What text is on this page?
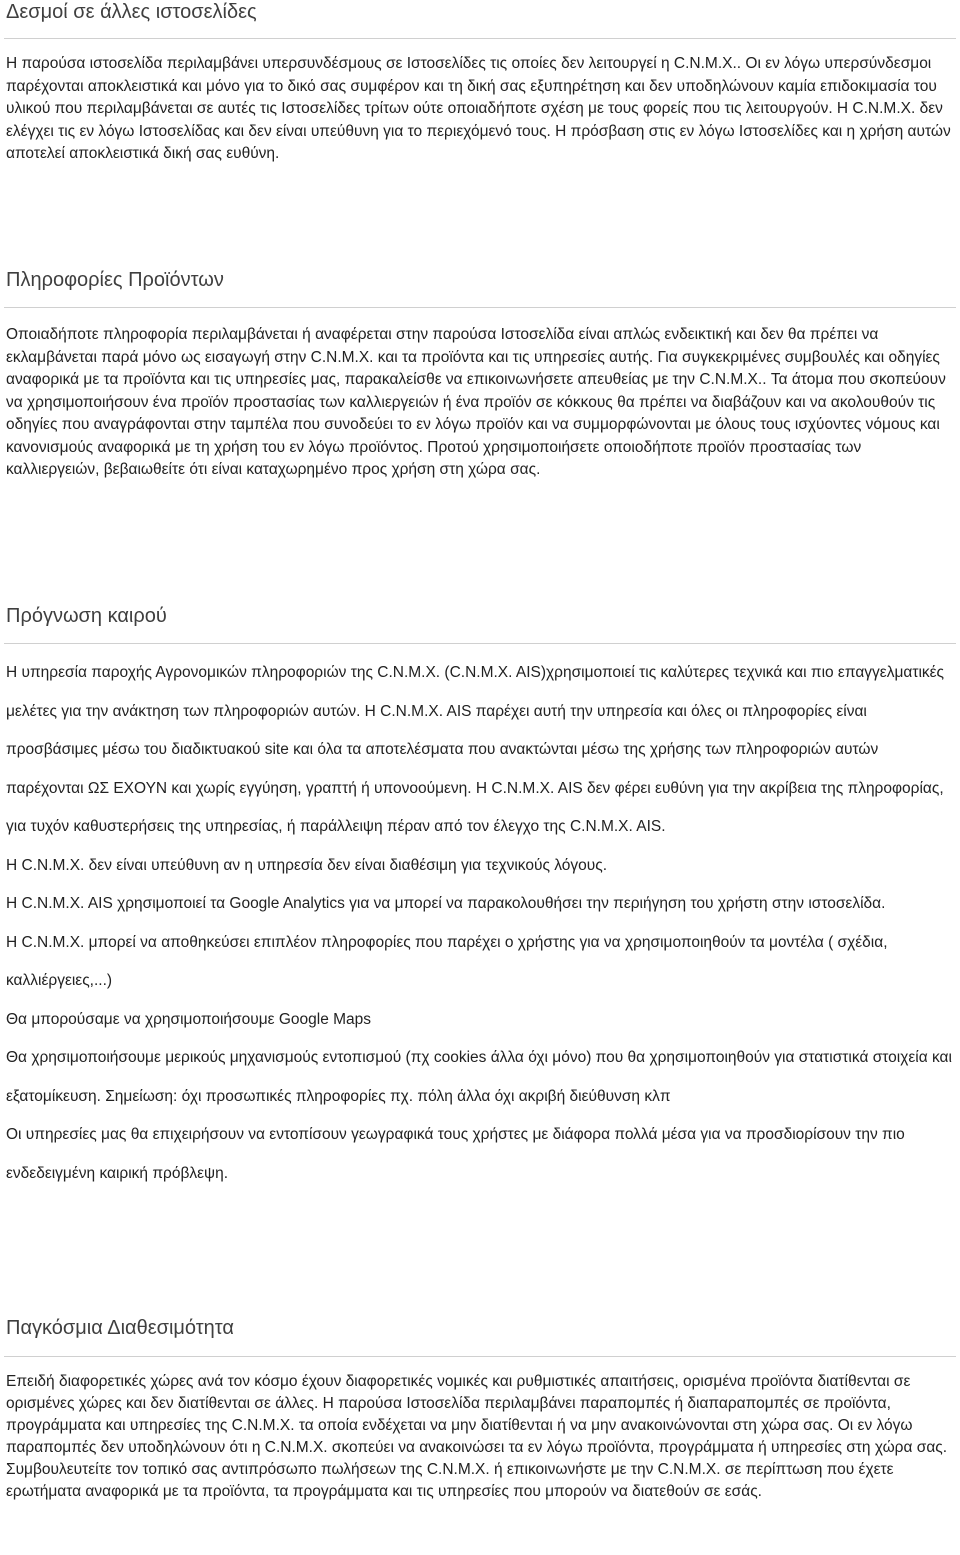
Δεσμοί σε άλλες ιστοσελίδες

Η παρούσα ιστοσελίδα περιλαμβάνει υπερσυνδέσμους σε Ιστοσελίδες τις οποίες δεν λειτουργεί η C.N.M.X.. Οι εν λόγω υπερσύνδεσμοι παρέχονται αποκλειστικά και μόνο για το δικό σας συμφέρον και τη δική σας εξυπηρέτηση και δεν υποδηλώνουν καμία επιδοκιμασία του υλικού που περιλαμβάνεται σε αυτές τις Ιστοσελίδες τρίτων ούτε οποιαδήποτε σχέση με τους φορείς που τις λειτουργούν. Η C.N.M.X. δεν ελέγχει τις εν λόγω Ιστοσελίδας και δεν είναι υπεύθυνη για το περιεχόμενό τους. Η πρόσβαση στις εν λόγω Ιστοσελίδες και η χρήση αυτών αποτελεί αποκλειστικά δική σας ευθύνη.

Πληροφορίες Προϊόντων

Οποιαδήποτε πληροφορία περιλαμβάνεται ή αναφέρεται στην παρούσα Ιστοσελίδα είναι απλώς ενδεικτική και δεν θα πρέπει να εκλαμβάνεται παρά μόνο ως εισαγωγή στην C.N.M.X. και τα προϊόντα και τις υπηρεσίες αυτής. Για συγκεκριμένες συμβουλές και οδηγίες αναφορικά με τα προϊόντα και τις υπηρεσίες μας, παρακαλείσθε να επικοινωνήσετε απευθείας με την C.N.M.X.. Τα άτομα που σκοπεύουν να χρησιμοποιήσουν ένα προϊόν προστασίας των καλλιεργειών ή ένα προϊόν σε κόκκους θα πρέπει να διαβάζουν και να ακολουθούν τις οδηγίες που αναγράφονται στην ταμπέλα που συνοδεύει το εν λόγω προϊόν και να συμμορφώνονται με όλους τους ισχύοντες νόμους και κανονισμούς αναφορικά με τη χρήση του εν λόγω προϊόντος. Προτού χρησιμοποιήσετε οποιοδήποτε προϊόν προστασίας των καλλιεργειών, βεβαιωθείτε ότι είναι καταχωρημένο προς χρήση στη χώρα σας.

Πρόγνωση καιρού

Η υπηρεσία παροχής Αγρονομικών πληροφοριών της C.N.M.X. (C.N.M.X. AIS)χρησιμοποιεί τις καλύτερες τεχνικά και πιο επαγγελματικές μελέτες για την ανάκτηση των πληροφοριών αυτών. Η C.N.M.X. AIS παρέχει αυτή την υπηρεσία και όλες οι πληροφορίες είναι προσβάσιμες μέσω του διαδικτυακού site και όλα τα αποτελέσματα που ανακτώνται μέσω της χρήσης των πληροφοριών αυτών παρέχονται ΩΣ ΕΧΟΥΝ και χωρίς εγγύηση, γραπτή ή υπονοούμενη. Η C.N.M.X. AIS δεν φέρει ευθύνη για την ακρίβεια της πληροφορίας, για τυχόν καθυστερήσεις της υπηρεσίας, ή παράλλειψη πέραν από τον έλεγχο της C.N.M.X. AIS.

Η C.N.M.X. δεν είναι υπεύθυνη αν η υπηρεσία δεν είναι διαθέσιμη για τεχνικούς λόγους.

Η C.N.M.X. AIS χρησιμοποιεί τα Google Analytics για να μπορεί να παρακολουθήσει την περιήγηση του χρήστη στην ιστοσελίδα.

Η C.N.M.X. μπορεί να αποθηκεύσει επιπλέον πληροφορίες που παρέχει ο χρήστης για να χρησιμοποιηθούν τα μοντέλα ( σχέδια, καλλιέργειες,...)

Θα μπορούσαμε να χρησιμοποιήσουμε Google Maps

Θα χρησιμοποιήσουμε μερικούς μηχανισμούς εντοπισμού (πχ cookies άλλα όχι μόνο) που θα χρησιμοποιηθούν για στατιστικά στοιχεία και εξατομίκευση. Σημείωση: όχι προσωπικές πληροφορίες πχ. πόλη άλλα όχι ακριβή διεύθυνση κλπ

Οι υπηρεσίες μας θα επιχειρήσουν να εντοπίσουν γεωγραφικά τους χρήστες με διάφορα πολλά μέσα για να προσδιορίσουν την πιο ενδεδειγμένη καιρική πρόβλεψη.

Παγκόσμια Διαθεσιμότητα

Επειδή διαφορετικές χώρες ανά τον κόσμο έχουν διαφορετικές νομικές και ρυθμιστικές απαιτήσεις, ορισμένα προϊόντα διατίθενται σε ορισμένες χώρες και δεν διατίθενται σε άλλες. Η παρούσα Ιστοσελίδα περιλαμβάνει παραπομπές ή διαπαραπομπές σε προϊόντα, προγράμματα και υπηρεσίες της C.N.M.X. τα οποία ενδέχεται να μην διατίθενται ή να μην ανακοινώνονται στη χώρα σας. Οι εν λόγω παραπομπές δεν υποδηλώνουν ότι η C.N.M.X. σκοπεύει να ανακοινώσει τα εν λόγω προϊόντα, προγράμματα ή υπηρεσίες στη χώρα σας. Συμβουλευτείτε τον τοπικό σας αντιπρόσωπο πωλήσεων της C.N.M.X. ή επικοινωνήστε με την C.N.M.X. σε περίπτωση που έχετε ερωτήματα αναφορικά με τα προϊόντα, τα προγράμματα και τις υπηρεσίες που μπορούν να διατεθούν σε εσάς.
